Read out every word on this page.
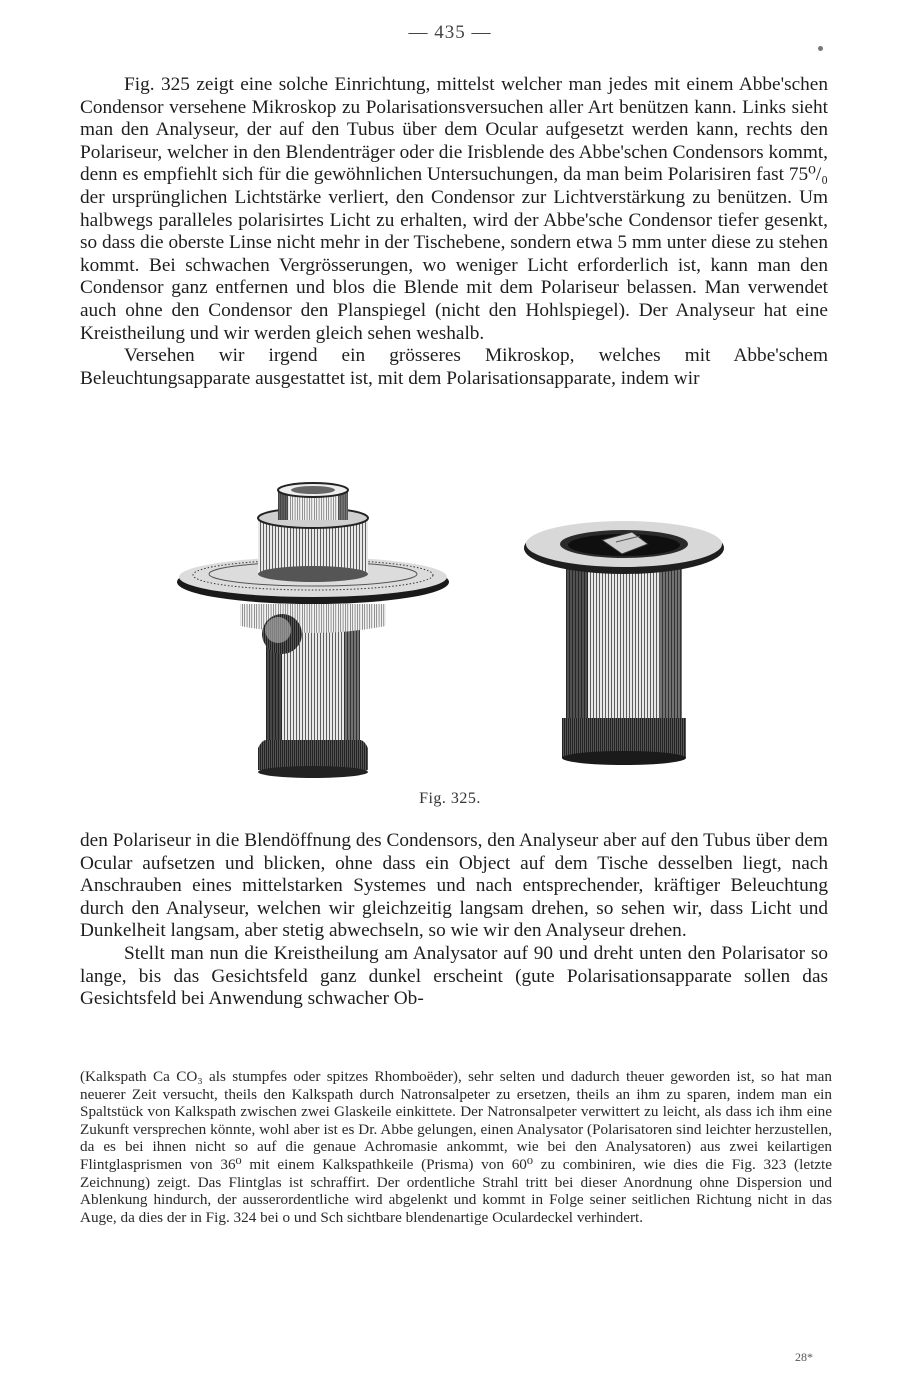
— 435 —

Fig. 325 zeigt eine solche Einrichtung, mittelst welcher man jedes mit einem Abbe'schen Condensor versehene Mikroskop zu Polarisationsversuchen aller Art benützen kann. Links sieht man den Analyseur, der auf den Tubus über dem Ocular aufgesetzt werden kann, rechts den Polariseur, welcher in den Blendenträger oder die Irisblende des Abbe'schen Condensors kommt, denn es empfiehlt sich für die gewöhnlichen Untersuchungen, da man beim Polarisiren fast 75⁰/₀ der ursprünglichen Lichtstärke verliert, den Condensor zur Lichtverstärkung zu benützen. Um halbwegs paralleles polarisirtes Licht zu erhalten, wird der Abbe'sche Condensor tiefer gesenkt, so dass die oberste Linse nicht mehr in der Tischebene, sondern etwa 5 mm unter diese zu stehen kommt. Bei schwachen Vergrösserungen, wo weniger Licht erforderlich ist, kann man den Condensor ganz entfernen und blos die Blende mit dem Polariseur belassen. Man verwendet auch ohne den Condensor den Planspiegel (nicht den Hohlspiegel). Der Analyseur hat eine Kreistheilung und wir werden gleich sehen weshalb.

Versehen wir irgend ein grösseres Mikroskop, welches mit Abbe'schem Beleuchtungsapparate ausgestattet ist, mit dem Polarisationsapparate, indem wir

Fig. 325.

den Polariseur in die Blendöffnung des Condensors, den Analyseur aber auf den Tubus über dem Ocular aufsetzen und blicken, ohne dass ein Object auf dem Tische desselben liegt, nach Anschrauben eines mittelstarken Systemes und nach entsprechender, kräftiger Beleuchtung durch den Analyseur, welchen wir gleichzeitig langsam drehen, so sehen wir, dass Licht und Dunkelheit langsam, aber stetig abwechseln, so wie wir den Analyseur drehen.

Stellt man nun die Kreistheilung am Analysator auf 90 und dreht unten den Polarisator so lange, bis das Gesichtsfeld ganz dunkel erscheint (gute Polarisationsapparate sollen das Gesichtsfeld bei Anwendung schwacher Ob-

(Kalkspath Ca CO₃ als stumpfes oder spitzes Rhomboëder), sehr selten und dadurch theuer geworden ist, so hat man neuerer Zeit versucht, theils den Kalkspath durch Natronsalpeter zu ersetzen, theils an ihm zu sparen, indem man ein Spaltstück von Kalkspath zwischen zwei Glaskeile einkittete. Der Natronsalpeter verwittert zu leicht, als dass ich ihm eine Zukunft versprechen könnte, wohl aber ist es Dr. Abbe gelungen, einen Analysator (Polarisatoren sind leichter herzustellen, da es bei ihnen nicht so auf die genaue Achromasie ankommt, wie bei den Analysatoren) aus zwei keilartigen Flintglasprismen von 36⁰ mit einem Kalkspathkeile (Prisma) von 60⁰ zu combiniren, wie dies die Fig. 323 (letzte Zeichnung) zeigt. Das Flintglas ist schraffirt. Der ordentliche Strahl tritt bei dieser Anordnung ohne Dispersion und Ablenkung hindurch, der ausserordentliche wird abgelenkt und kommt in Folge seiner seitlichen Richtung nicht in das Auge, da dies der in Fig. 324 bei o und Sch sichtbare blendenartige Oculardeckel verhindert.

28*
